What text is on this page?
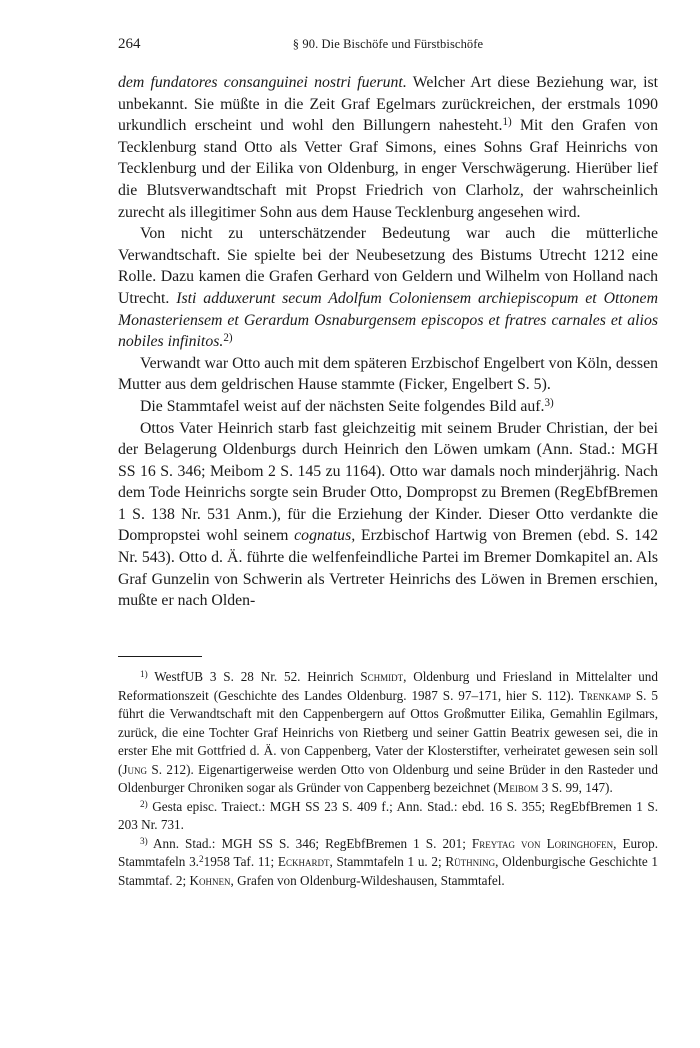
264	§ 90. Die Bischöfe und Fürstbischöfe

dem fundatores consanguinei nostri fuerunt. Welcher Art diese Beziehung war, ist unbekannt. Sie müßte in die Zeit Graf Egelmars zurückreichen, der erstmals 1090 urkundlich erscheint und wohl den Billungern nahesteht.$^{1)}$ Mit den Grafen von Tecklenburg stand Otto als Vetter Graf Simons, eines Sohns Graf Heinrichs von Tecklenburg und der Eilika von Oldenburg, in enger Verschwägerung. Hierüber lief die Blutsverwandtschaft mit Propst Friedrich von Clarholz, der wahrscheinlich zurecht als illegitimer Sohn aus dem Hause Tecklenburg angesehen wird.

Von nicht zu unterschätzender Bedeutung war auch die mütterliche Verwandtschaft. Sie spielte bei der Neubesetzung des Bistums Utrecht 1212 eine Rolle. Dazu kamen die Grafen Gerhard von Geldern und Wilhelm von Holland nach Utrecht. Isti adduxerunt secum Adolfum Coloniensem archiepiscopum et Ottonem Monasteriensem et Gerardum Osnaburgensem episcopos et fratres carnales et alios nobiles infinitos.$^{2)}$

Verwandt war Otto auch mit dem späteren Erzbischof Engelbert von Köln, dessen Mutter aus dem geldrischen Hause stammte (Ficker, Engelbert S. 5).

Die Stammtafel weist auf der nächsten Seite folgendes Bild auf.$^{3)}$

Ottos Vater Heinrich starb fast gleichzeitig mit seinem Bruder Christian, der bei der Belagerung Oldenburgs durch Heinrich den Löwen umkam (Ann. Stad.: MGH SS 16 S. 346; Meibom 2 S. 145 zu 1164). Otto war damals noch minderjährig. Nach dem Tode Heinrichs sorgte sein Bruder Otto, Dompropst zu Bremen (RegEbfBremen 1 S. 138 Nr. 531 Anm.), für die Erziehung der Kinder. Dieser Otto verdankte die Dompropstei wohl seinem cognatus, Erzbischof Hartwig von Bremen (ebd. S. 142 Nr. 543). Otto d. Ä. führte die welfenfeindliche Partei im Bremer Domkapitel an. Als Graf Gunzelin von Schwerin als Vertreter Heinrichs des Löwen in Bremen erschien, mußte er nach Olden-

$^{1)}$ WestfUB 3 S. 28 Nr. 52. Heinrich Schmidt, Oldenburg und Friesland in Mittelalter und Reformationszeit (Geschichte des Landes Oldenburg. 1987 S. 97–171, hier S. 112). Trenkamp S. 5 führt die Verwandtschaft mit den Cappenbergern auf Ottos Großmutter Eilika, Gemahlin Egilmars, zurück, die eine Tochter Graf Heinrichs von Rietberg und seiner Gattin Beatrix gewesen sei, die in erster Ehe mit Gottfried d. Ä. von Cappenberg, Vater der Klosterstifter, verheiratet gewesen sein soll (Jung S. 212). Eigenartigerweise werden Otto von Oldenburg und seine Brüder in den Rasteder und Oldenburger Chroniken sogar als Gründer von Cappenberg bezeichnet (Meibom 3 S. 99, 147).

$^{2)}$ Gesta episc. Traiect.: MGH SS 23 S. 409 f.; Ann. Stad.: ebd. 16 S. 355; RegEbfBremen 1 S. 203 Nr. 731.

$^{3)}$ Ann. Stad.: MGH SS S. 346; RegEbfBremen 1 S. 201; Freytag von Loringhofen, Europ. Stammtafeln 3.$^2$1958 Taf. 11; Eckhardt, Stammtafeln 1 u. 2; Rüthning, Oldenburgische Geschichte 1 Stammtaf. 2; Kohnen, Grafen von Oldenburg-Wildeshausen, Stammtafel.
